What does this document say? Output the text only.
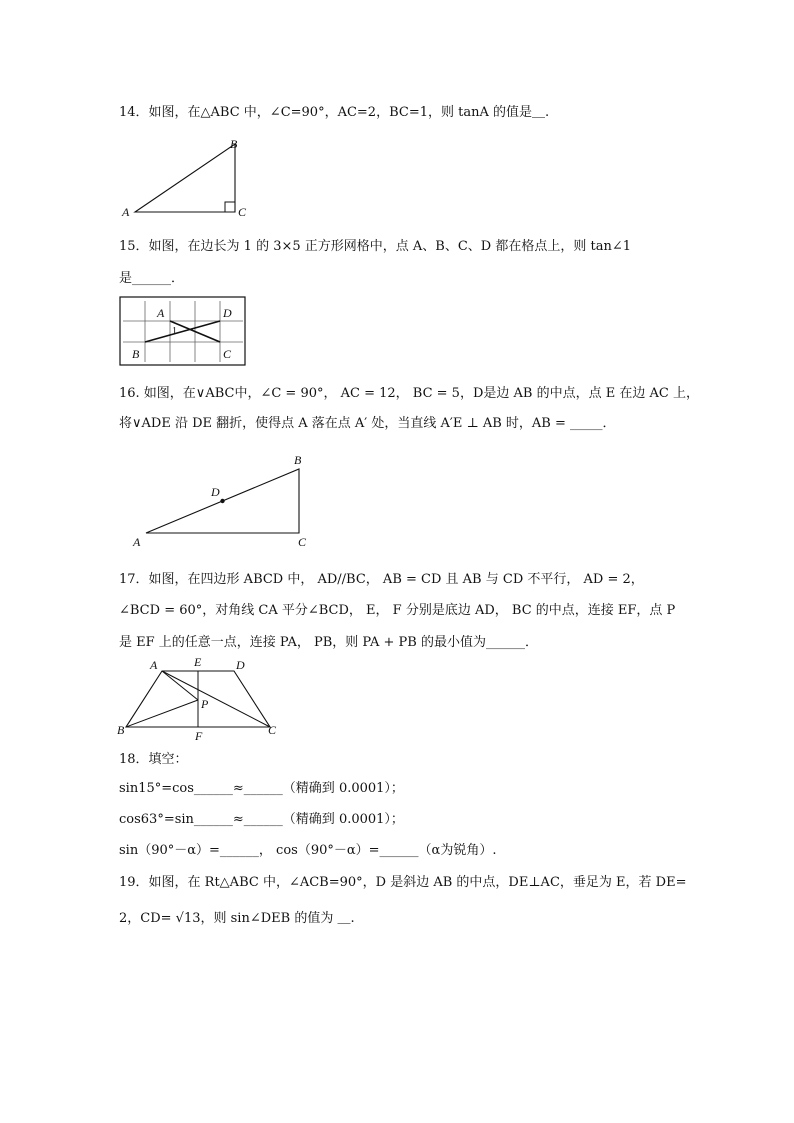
14．如图，在△ABC 中，∠C=90°，AC=2，BC=1，则 tanA 的值是＿.
A
B
C
15．如图，在边长为 1 的 3×5 正方形网格中，点 A、B、C、D 都在格点上，则 tan∠1
是______．
A	D
B	C
1
16. 如图，在∨ABC中，∠C = 90°， AC = 12， BC = 5，D是边 AB 的中点，点 E 在边 AC 上，
将∨ADE 沿 DE 翻折，使得点 A 落在点 A′ 处，当直线 A′E ⊥ AB 时，AB = _____．
A
B
C
D
17．如图，在四边形 ABCD 中， AD//BC， AB = CD 且 AB 与 CD 不平行， AD = 2，
∠BCD = 60°，对角线 CA 平分∠BCD， E， F 分别是底边 AD， BC 的中点，连接 EF，点 P
是 EF 上的任意一点，连接 PA， PB，则 PA + PB 的最小值为______．
A	E	D
B	C
F
P
18．填空：
sin15°=cos______≈______（精确到 0.0001）；
cos63°=sin______≈______（精确到 0.0001）；
sin（90°－α）=______， cos（90°－α）=______（α为锐角）.
19．如图，在 Rt△ABC 中，∠ACB=90°，D 是斜边 AB 的中点，DE⊥AC，垂足为 E，若 DE=
2，CD= √13，则 sin∠DEB 的值为 ＿.
